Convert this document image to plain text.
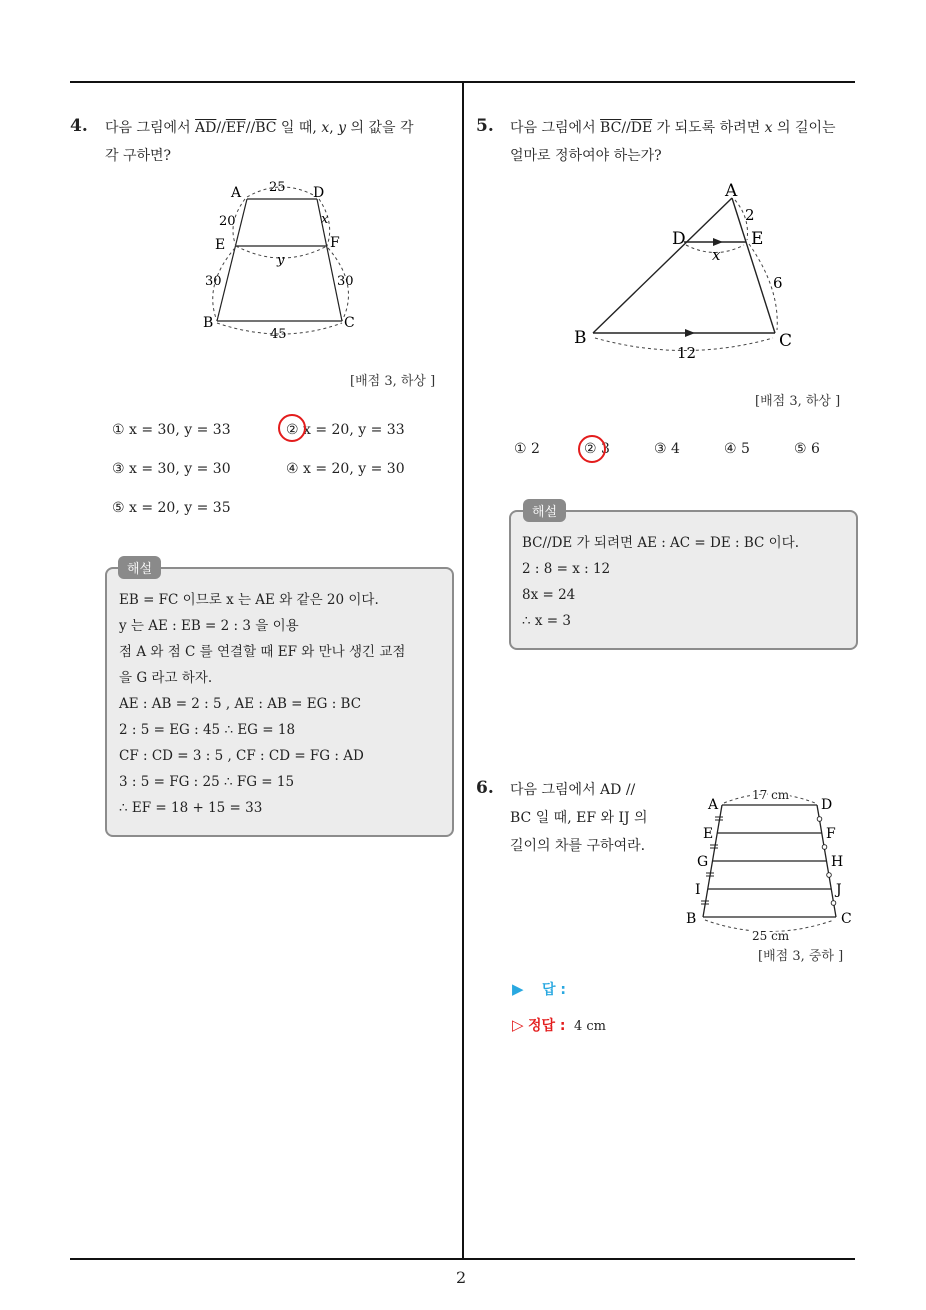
2
4. 다음 그림에서 $\overline{AD}//\overline{EF}//\overline{BC}$ 일 때, x, y 의 값을 각
각 구하면?
A	D
E	F
B	C
25
x
y
20
30	30
45
[배점 3, 하상 ]
① x = 30, y = 33	② x = 20, y = 33
③ x = 30, y = 30	④ x = 20, y = 30
⑤ x = 20, y = 35
EB = FC 이므로 x 는 AE 와 같은 20 이다.
y 는 AE : EB = 2 : 3 을 이용
점 A 와 점 C 를 연결할 때 EF 와 만나 생긴 교점
을 G 라고 하자.
AE : AB = 2 : 5 , AE : AB = EG : BC
2 : 5 = EG : 45 ∴ EG = 18
CF : CD = 3 : 5 , CF : CD = FG : AD
3 : 5 = FG : 25 ∴ FG = 15
∴ EF = 18 + 15 = 33
해설
5. 다음 그림에서 $\overline{BC}//\overline{DE}$ 가 되도록 하려면 x 의 길이는
얼마로 정하여야 하는가?
A
D	E
B	C
2
6
x
12
[배점 3, 하상 ]
① 2	② 3	③ 4	④ 5	⑤ 6
BC//DE 가 되려면 AE : AC = DE : BC 이다.
2 : 8 = x : 12
8x = 24
∴ x = 3
해설
6. 다음 그림에서 AD //
BC 일 때, EF 와 IJ 의
길이의 차를 구하여라.
17 cm
25 cm
A	D
E	F
G	H
I	J
B	C
[배점 3, 중하 ]
▶ 답 :
▷ 정답 : 4 cm
